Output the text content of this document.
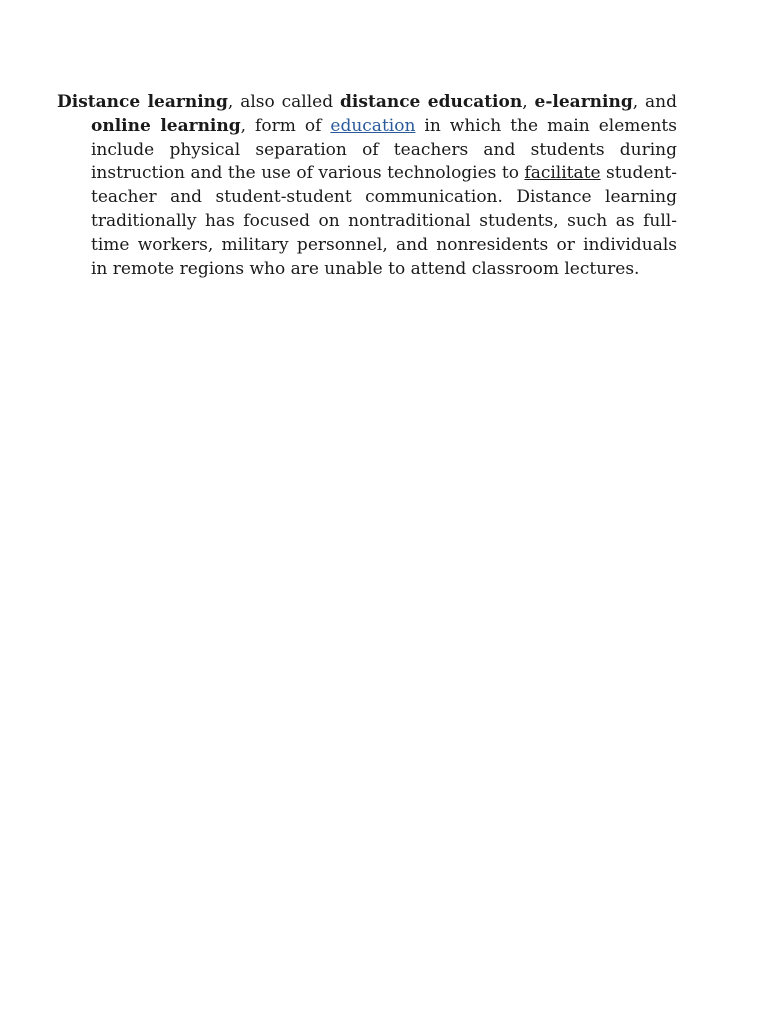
Distance learning, also called distance education, e-learning, and online learning, form of education in which the main elements include physical separation of teachers and students during instruction and the use of various technologies to facilitate student-teacher and student-student communication. Distance learning traditionally has focused on nontraditional students, such as full-time workers, military personnel, and nonresidents or individuals in remote regions who are unable to attend classroom lectures.
